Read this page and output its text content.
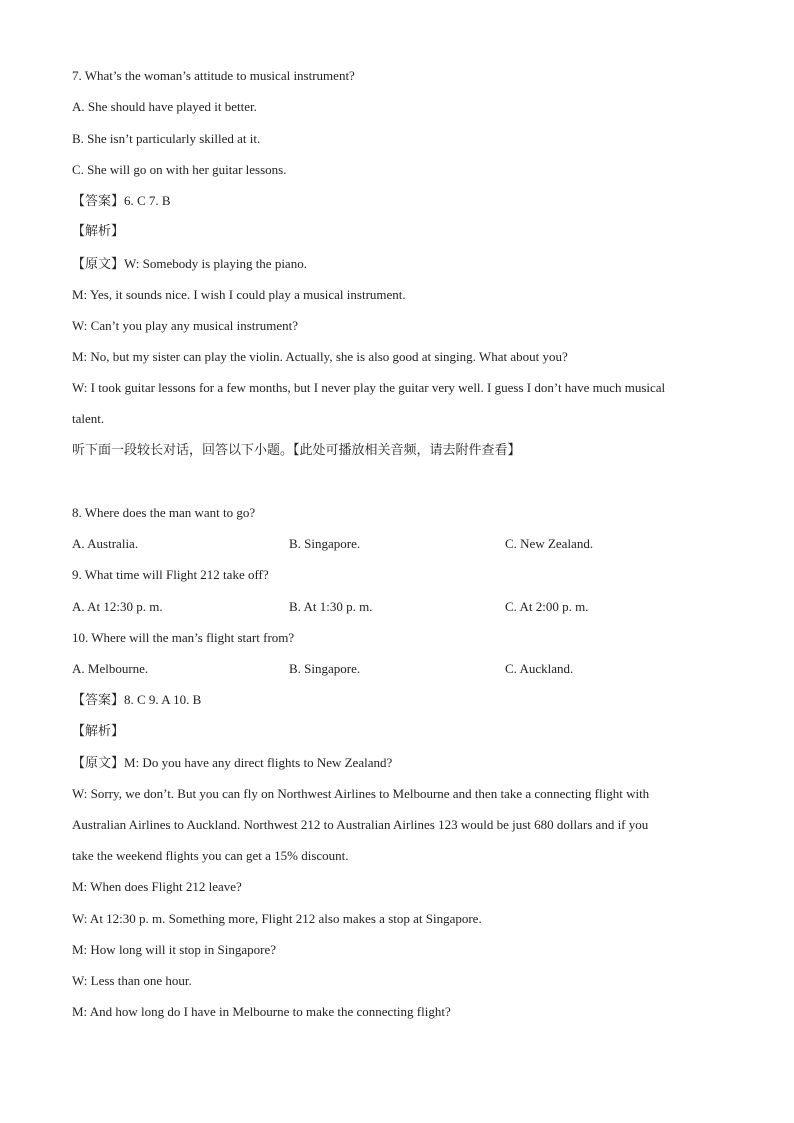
7. What’s the woman’s attitude to musical instrument?
A. She should have played it better.
B. She isn’t particularly skilled at it.
C. She will go on with her guitar lessons.
【答案】6. C 7. B
【解析】
【原文】W: Somebody is playing the piano.
M: Yes, it sounds nice. I wish I could play a musical instrument.
W: Can’t you play any musical instrument?
M: No, but my sister can play the violin. Actually, she is also good at singing. What about you?
W: I took guitar lessons for a few months, but I never play the guitar very well. I guess I don’t have much musical
talent.
听下面一段较长对话，回答以下小题。【此处可播放相关音频，请去附件查看】
8. Where does the man want to go?
A. Australia.	B. Singapore.	C. New Zealand.
9. What time will Flight 212 take off?
A. At 12:30 p. m.	B. At 1:30 p. m.	C. At 2:00 p. m.
10. Where will the man’s flight start from?
A. Melbourne.	B. Singapore.	C. Auckland.
【答案】8. C 9. A 10. B
【解析】
【原文】M: Do you have any direct flights to New Zealand?
W: Sorry, we don’t. But you can fly on Northwest Airlines to Melbourne and then take a connecting flight with
Australian Airlines to Auckland. Northwest 212 to Australian Airlines 123 would be just 680 dollars and if you
take the weekend flights you can get a 15% discount.
M: When does Flight 212 leave?
W: At 12:30 p. m. Something more, Flight 212 also makes a stop at Singapore.
M: How long will it stop in Singapore?
W: Less than one hour.
M: And how long do I have in Melbourne to make the connecting flight?
